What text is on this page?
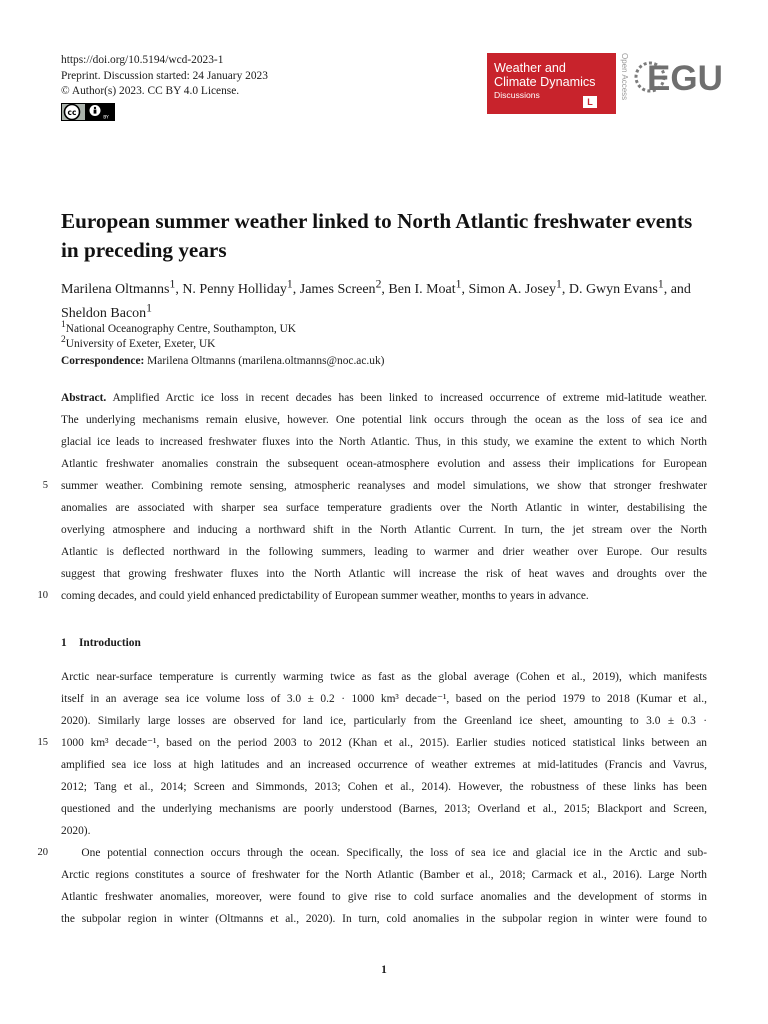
https://doi.org/10.5194/wcd-2023-1
Preprint. Discussion started: 24 January 2023
© Author(s) 2023. CC BY 4.0 License.
cc
BY
Weather and
Climate Dynamics
Discussions
L
Open Access EGU
European summer weather linked to North Atlantic freshwater events in preceding years
Marilena Oltmanns$^1$, N. Penny Holliday$^1$, James Screen$^2$, Ben I. Moat$^1$, Simon A. Josey$^1$, D. Gwyn Evans$^1$, and Sheldon Bacon$^1$
$^1$National Oceanography Centre, Southampton, UK
$^2$University of Exeter, Exeter, UK
Correspondence: Marilena Oltmanns (marilena.oltmanns@noc.ac.uk)
Abstract. Amplified Arctic ice loss in recent decades has been linked to increased occurrence of extreme mid-latitude weather.
The underlying mechanisms remain elusive, however. One potential link occurs through the ocean as the loss of sea ice and
glacial ice leads to increased freshwater fluxes into the North Atlantic. Thus, in this study, we examine the extent to which North
Atlantic freshwater anomalies constrain the subsequent ocean-atmosphere evolution and assess their implications for European
summer weather. Combining remote sensing, atmospheric reanalyses and model simulations, we show that stronger freshwater
anomalies are associated with sharper sea surface temperature gradients over the North Atlantic in winter, destabilising the
overlying atmosphere and inducing a northward shift in the North Atlantic Current. In turn, the jet stream over the North
Atlantic is deflected northward in the following summers, leading to warmer and drier weather over Europe. Our results
suggest that growing freshwater fluxes into the North Atlantic will increase the risk of heat waves and droughts over the
coming decades, and could yield enhanced predictability of European summer weather, months to years in advance.
5
10
1 Introduction
Arctic near-surface temperature is currently warming twice as fast as the global average (Cohen et al., 2019), which manifests
itself in an average sea ice volume loss of 3.0 ± 0.2 · 1000 km³ decade⁻¹, based on the period 1979 to 2018 (Kumar et al.,
2020). Similarly large losses are observed for land ice, particularly from the Greenland ice sheet, amounting to 3.0 ± 0.3 ·
1000 km³ decade⁻¹, based on the period 2003 to 2012 (Khan et al., 2015). Earlier studies noticed statistical links between an
amplified sea ice loss at high latitudes and an increased occurrence of weather extremes at mid-latitudes (Francis and Vavrus,
2012; Tang et al., 2014; Screen and Simmonds, 2013; Cohen et al., 2014). However, the robustness of these links has been
questioned and the underlying mechanisms are poorly understood (Barnes, 2013; Overland et al., 2015; Blackport and Screen,
2020).
One potential connection occurs through the ocean. Specifically, the loss of sea ice and glacial ice in the Arctic and sub-
Arctic regions constitutes a source of freshwater for the North Atlantic (Bamber et al., 2018; Carmack et al., 2016). Large North
Atlantic freshwater anomalies, moreover, were found to give rise to cold surface anomalies and the development of storms in
the subpolar region in winter (Oltmanns et al., 2020). In turn, cold anomalies in the subpolar region in winter were found to
15
20
1
